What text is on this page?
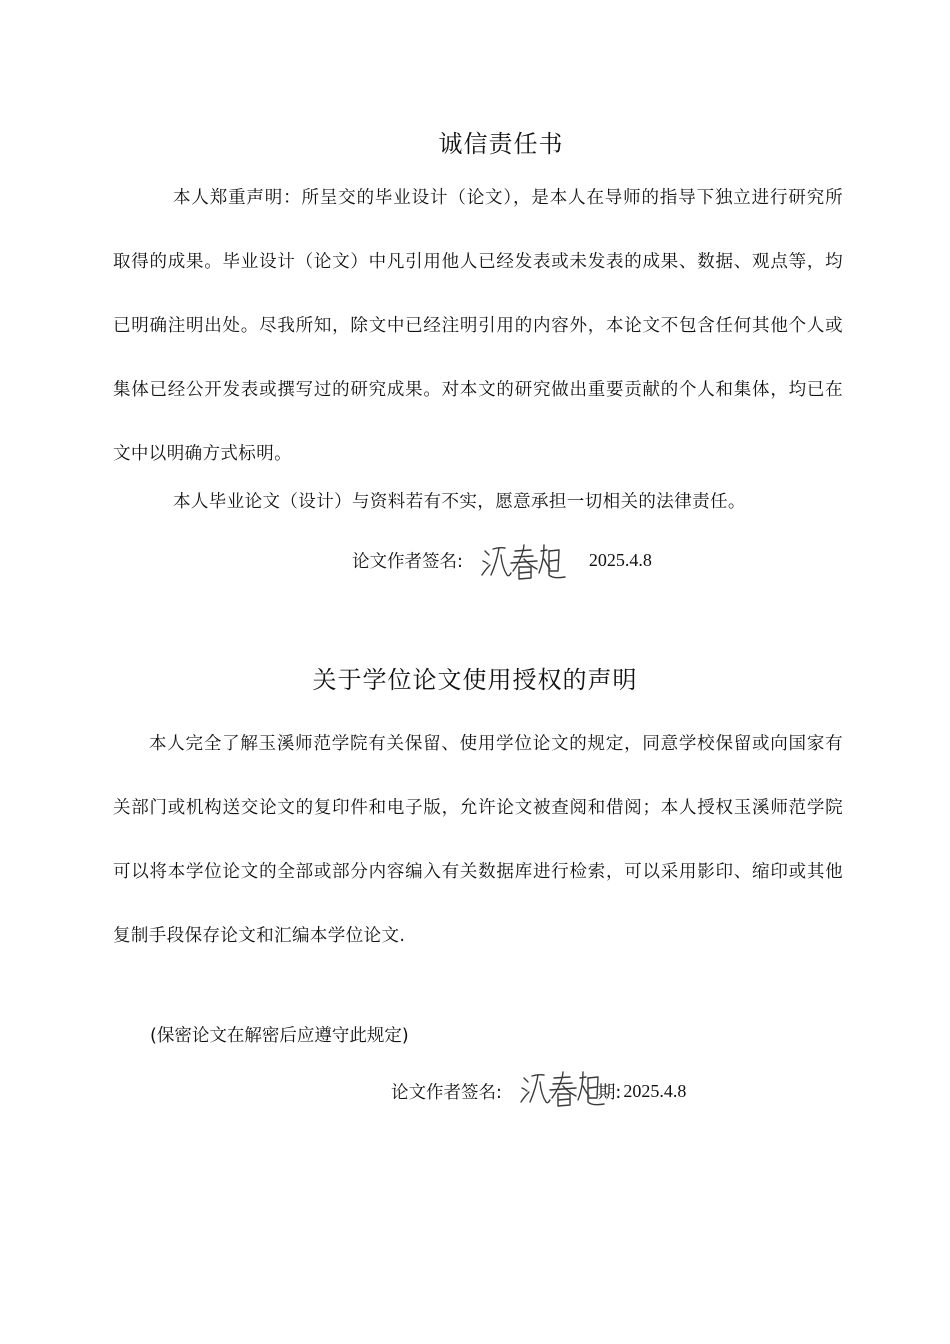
诚信责任书

本人郑重声明：所呈交的毕业设计（论文），是本人在导师的指导下独立进行研究所取得的成果。毕业设计（论文）中凡引用他人已经发表或未发表的成果、数据、观点等，均已明确注明出处。尽我所知，除文中已经注明引用的内容外，本论文不包含任何其他个人或集体已经公开发表或撰写过的研究成果。对本文的研究做出重要贡献的个人和集体，均已在文中以明确方式标明。

本人毕业论文（设计）与资料若有不实，愿意承担一切相关的法律责任。

论文作者签名:	2025.4.8
关于学位论文使用授权的声明

本人完全了解玉溪师范学院有关保留、使用学位论文的规定，同意学校保留或向国家有关部门或机构送交论文的复印件和电子版，允许论文被查阅和借阅；本人授权玉溪师范学院可以将本学位论文的全部或部分内容编入有关数据库进行检索，可以采用影印、缩印或其他复制手段保存论文和汇编本学位论文.

(保密论文在解密后应遵守此规定)

论文作者签名:	期: 2025.4.8
